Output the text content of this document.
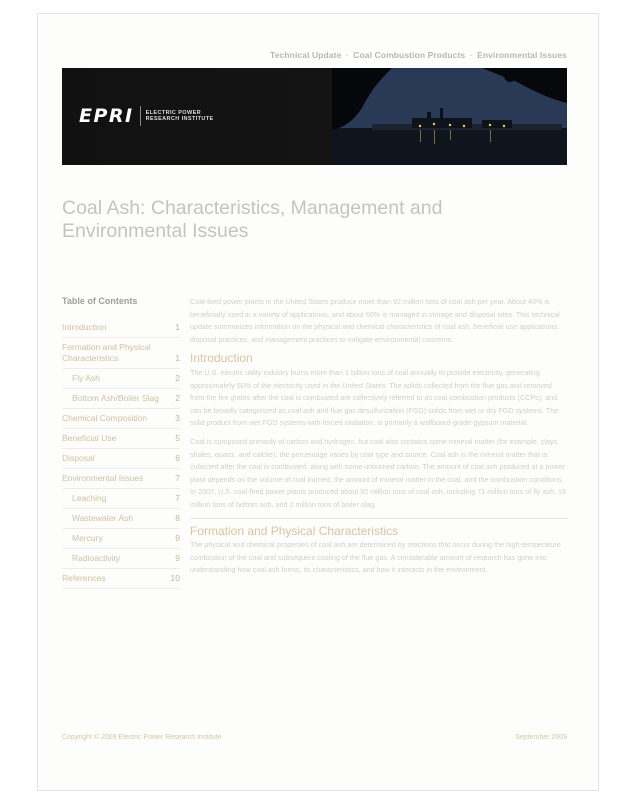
Technical Update · Coal Combustion Products · Environmental Issues
EPRI ELECTRIC POWER
RESEARCH INSTITUTE
Coal Ash: Characteristics, Management and Environmental Issues
Table of Contents
Introduction	1
Formation and Physical Characteristics	1
Fly Ash	2
Bottom Ash/Boiler Slag 2
Chemical Composition	3
Beneficial Use	5
Disposal	6
Environmental Issues	7
Leaching	7
Wastewater Ash	8
Mercury	9
Radioactivity	9
References	10

Coal-fired power plants in the United States produce more than 92 million tons of coal ash per year. About 40% is beneficially used in a variety of applications, and about 60% is managed in storage and disposal sites. This technical update summarizes information on the physical and chemical characteristics of coal ash, beneficial use applications, disposal practices, and management practices to mitigate environmental concerns.

Introduction

The U.S. electric utility industry burns more than 1 billion tons of coal annually to provide electricity, generating approximately 50% of the electricity used in the United States. The solids collected from the flue gas and removed from the fire grates after the coal is combusted are collectively referred to as coal combustion products (CCPs), and can be broadly categorized as coal ash and flue gas desulfurization (FGD) solids from wet or dry FGD systems. The solid product from wet FGD systems with forced oxidation, is primarily a wallboard-grade gypsum material.

Coal is composed primarily of carbon and hydrogen, but coal also contains some mineral matter (for example, clays, shales, quartz, and calcite); the percentage varies by coal type and source. Coal ash is the mineral matter that is collected after the coal is combusted, along with some unburned carbon. The amount of coal ash produced at a power plant depends on the volume of coal burned, the amount of mineral matter in the coal, and the combustion conditions. In 2007, U.S. coal-fired power plants produced about 92 million tons of coal ash, including 71 million tons of fly ash, 18 million tons of bottom ash, and 2 million tons of boiler slag.

Formation and Physical Characteristics

The physical and chemical properties of coal ash are determined by reactions that occur during the high-temperature combustion of the coal and subsequent cooling of the flue gas. A considerable amount of research has gone into understanding how coal ash forms, its characteristics, and how it interacts in the environment.

Copyright © 2009 Electric Power Research Institute	September 2009
